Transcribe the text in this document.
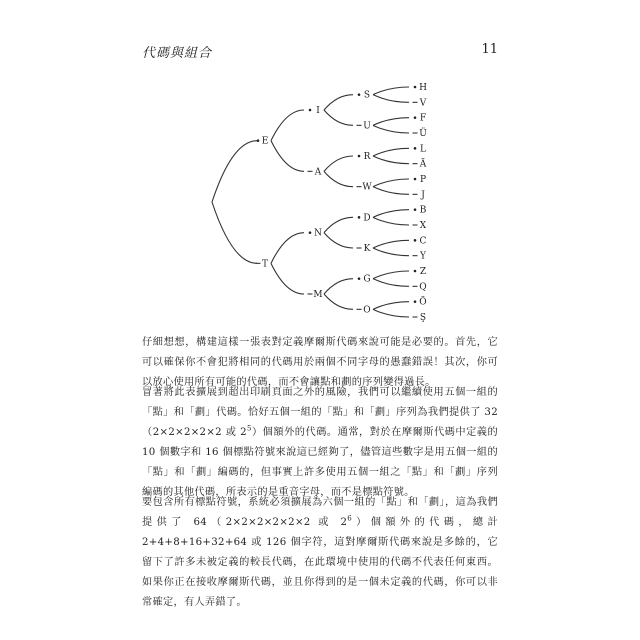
代碼與組合	11
E
T
I
A
N
M
S
U
R
W
D
K
G
O
H
V
F
Ü
L
Ä
P
J
B
X
C
Y
Z
Q
Ö
Ş

仔細想想，構建這樣一張表對定義摩爾斯代碼來說可能是必要的。首先，它可以確保你不會犯將相同的代碼用於兩個不同字母的愚蠢錯誤！其次，你可以放心使用所有可能的代碼，而不會讓點和劃的序列變得過長。

冒著將此表擴展到超出印刷頁面之外的風險，我們可以繼續使用五個一組的「點」和「劃」代碼。恰好五個一組的「點」和「劃」序列為我們提供了 32（2×2×2×2×2 或 $2^5$）個額外的代碼。通常，對於在摩爾斯代碼中定義的 10 個數字和 16 個標點符號來說這已經夠了，儘管這些數字是用五個一組的「點」和「劃」編碼的，但事實上許多使用五個一組之「點」和「劃」序列編碼的其他代碼，所表示的是重音字母，而不是標點符號。

要包含所有標點符號，系統必須擴展為六個一組的「點」和「劃」，這為我們提供了 64（2×2×2×2×2×2 或 $2^6$）個額外的代碼，總計 2+4+8+16+32+64 或 126 個字符，這對摩爾斯代碼來說是多餘的，它留下了許多未被定義的較長代碼，在此環境中使用的代碼不代表任何東西。如果你正在接收摩爾斯代碼，並且你得到的是一個未定義的代碼，你可以非常確定，有人弄錯了。
